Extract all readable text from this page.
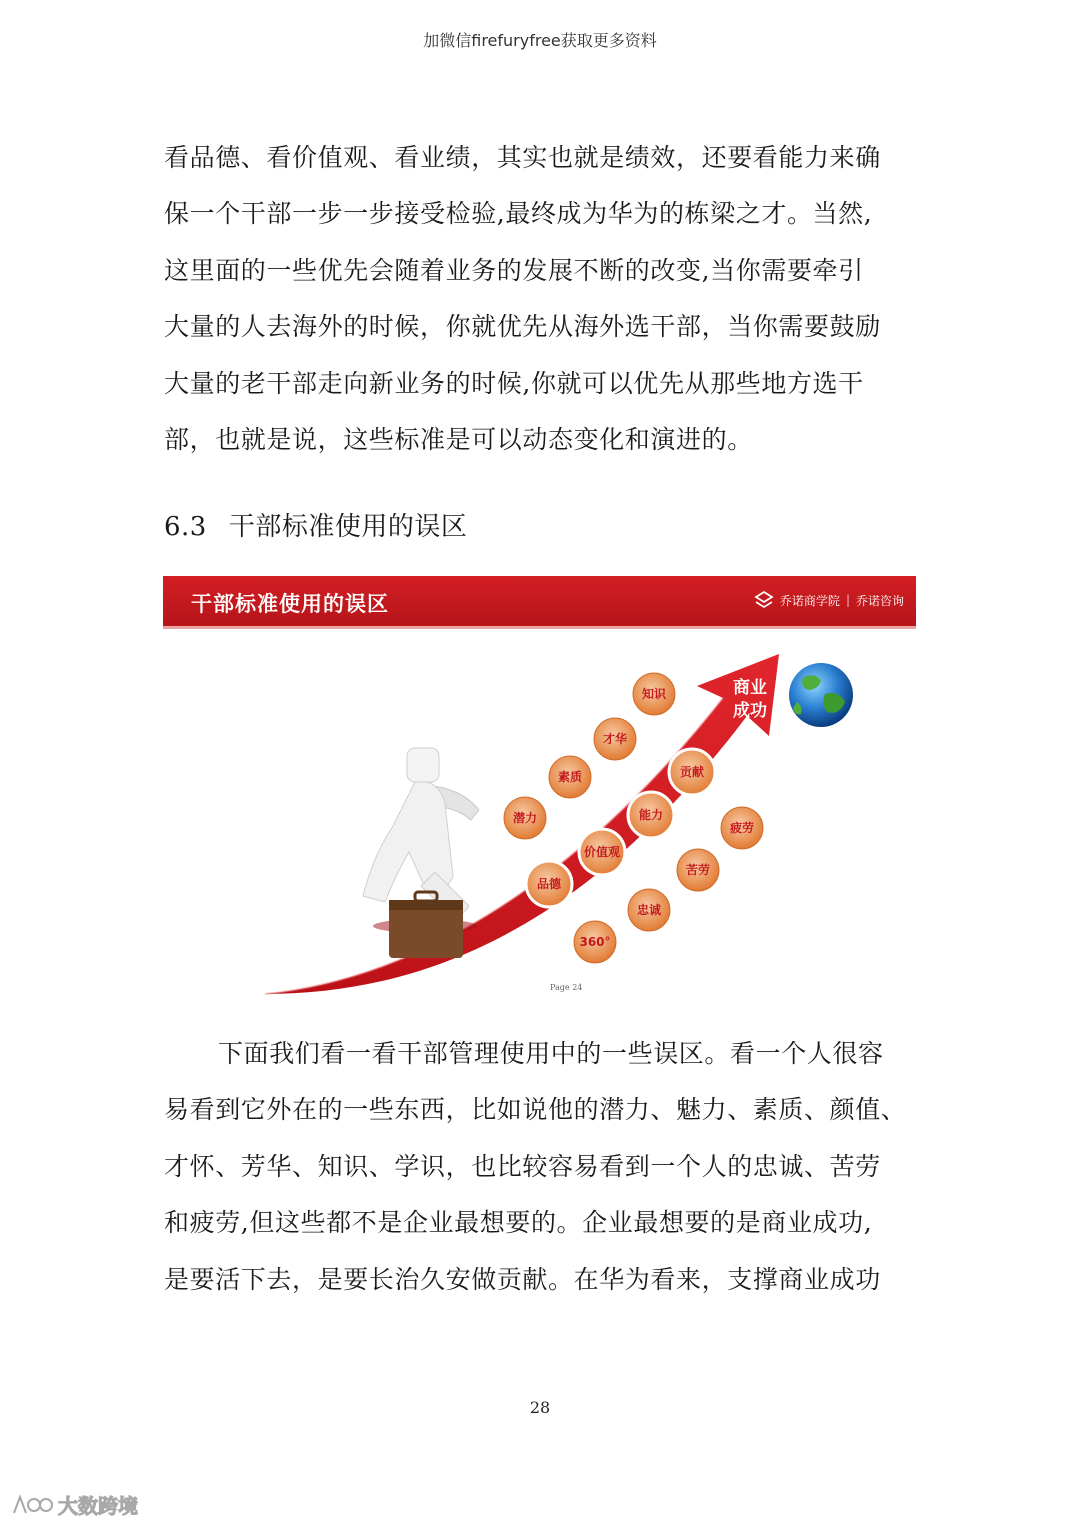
加微信firefuryfree获取更多资料

看品德、看价值观、看业绩，其实也就是绩效，还要看能力来确
保一个干部一步一步接受检验,最终成为华为的栋梁之才。当然,
这里面的一些优先会随着业务的发展不断的改变,当你需要牵引
大量的人去海外的时候，你就优先从海外选干部，当你需要鼓励
大量的老干部走向新业务的时候,你就可以优先从那些地方选干
部，也就是说，这些标准是可以动态变化和演进的。

6.3 干部标准使用的误区
干部标准使用的误区	乔诺商学院 | 乔诺咨询
商业
成功
潜力
素质
才华
知识
品德
价值观
能力
贡献
360°
忠诚
苦劳
疲劳
Page 24

下面我们看一看干部管理使用中的一些误区。看一个人很容
易看到它外在的一些东西，比如说他的潜力、魅力、素质、颜值、
才怀、芳华、知识、学识，也比较容易看到一个人的忠诚、苦劳
和疲劳,但这些都不是企业最想要的。企业最想要的是商业成功,
是要活下去，是要长治久安做贡献。在华为看来，支撑商业成功

28
大数跨境
